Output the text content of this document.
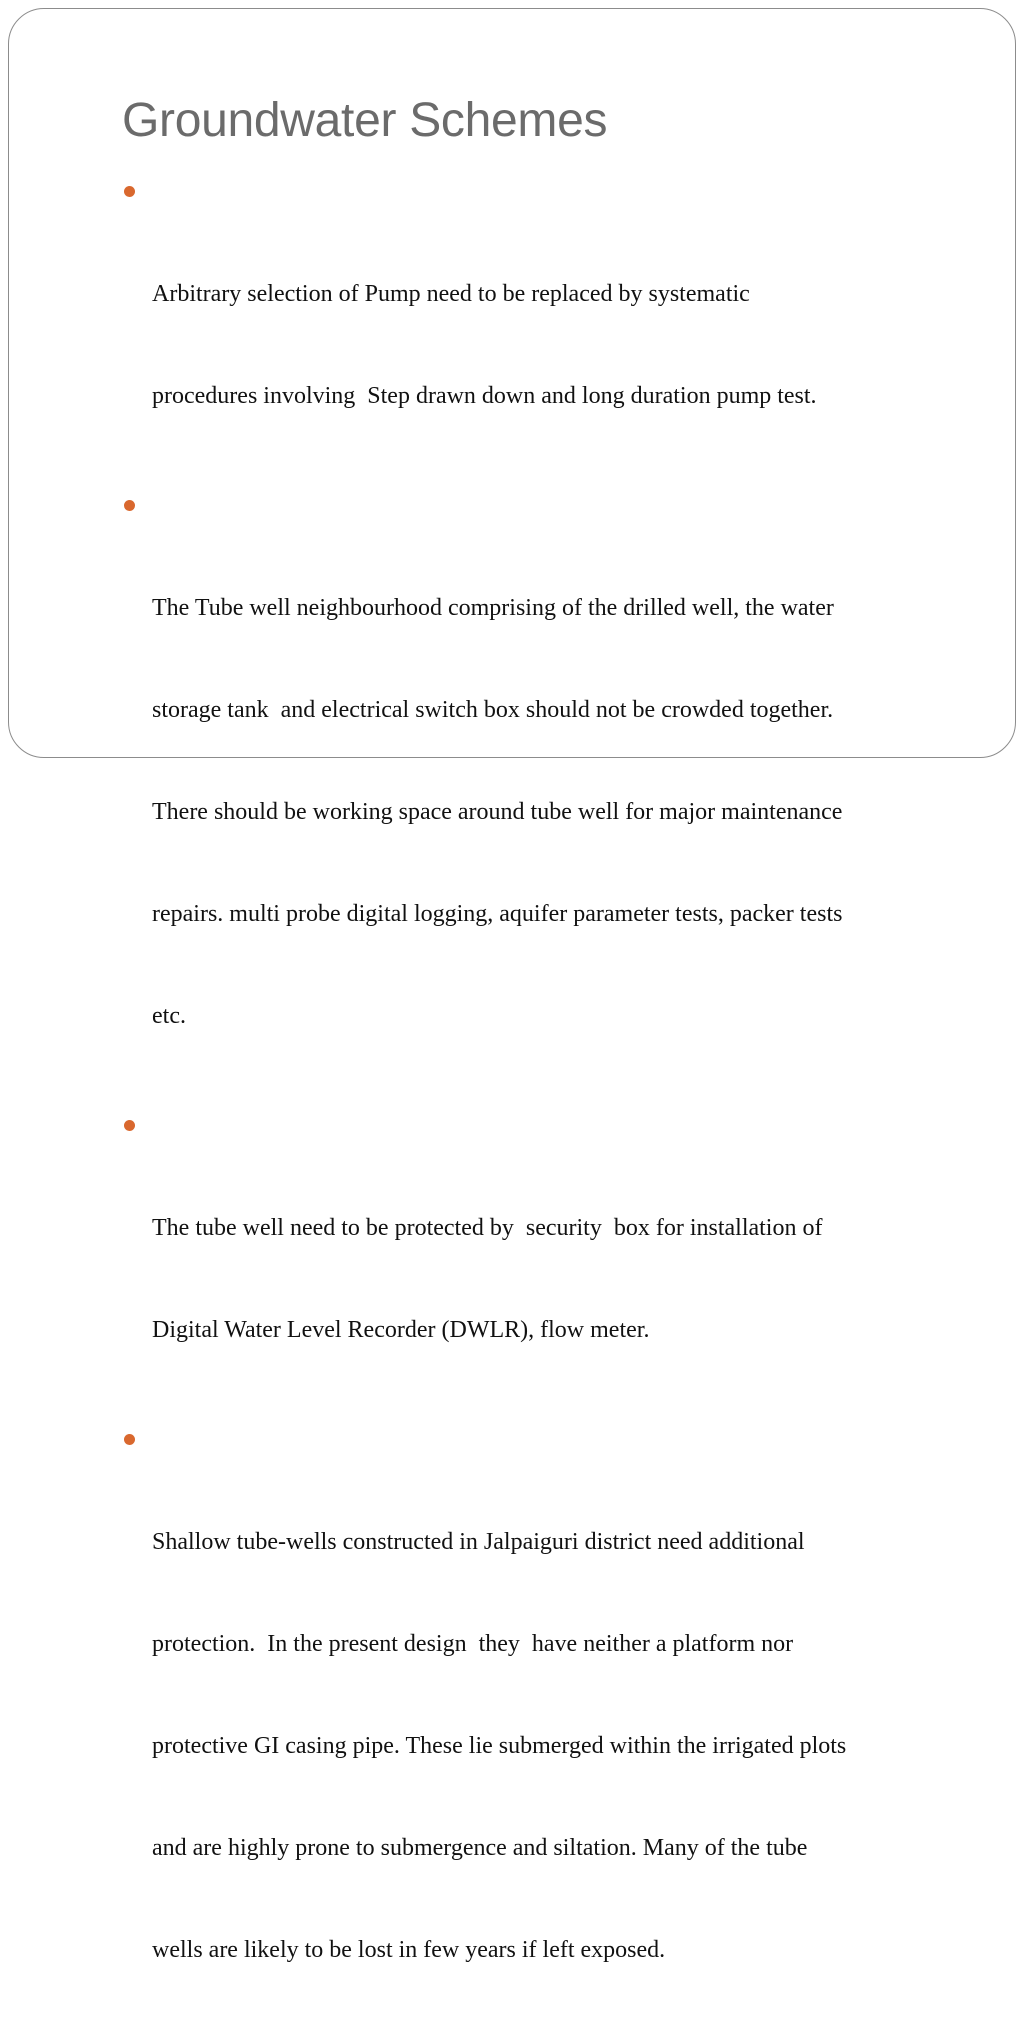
Groundwater Schemes

Arbitrary selection of Pump need to be replaced by systematic

procedures involving  Step drawn down and long duration pump test.

The Tube well neighbourhood comprising of the drilled well, the water

storage tank  and electrical switch box should not be crowded together.

There should be working space around tube well for major maintenance

repairs. multi probe digital logging, aquifer parameter tests, packer tests

etc.

The tube well need to be protected by  security  box for installation of

Digital Water Level Recorder (DWLR), flow meter.

Shallow tube-wells constructed in Jalpaiguri district need additional

protection.  In the present design  they  have neither a platform nor

protective GI casing pipe. These lie submerged within the irrigated plots

and are highly prone to submergence and siltation. Many of the tube

wells are likely to be lost in few years if left exposed.
